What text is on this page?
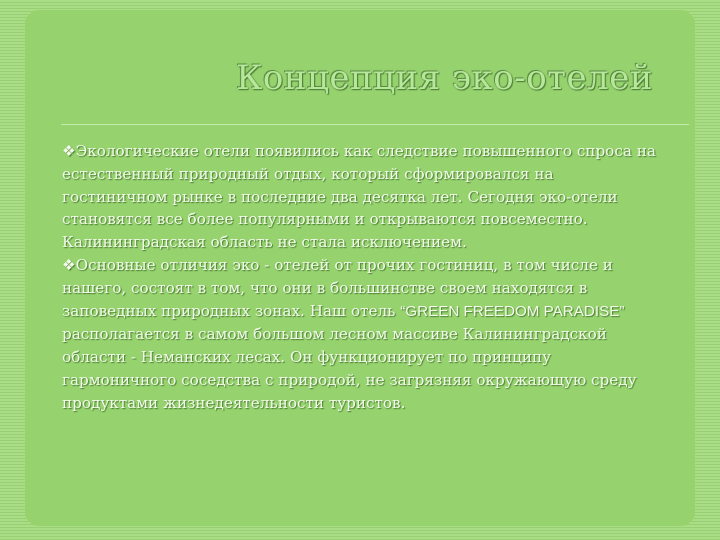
Концепция эко-отелей

❖Экологические отели появились как следствие повышенного спроса на естественный природный отдых, который сформировался на гостиничном рынке в последние два десятка лет. Сегодня эко-отели становятся все более популярными и открываются повсеместно. Калининградская область не стала исключением.

❖Основные отличия эко - отелей от прочих гостиниц, в том числе и нашего, состоят в том, что они в большинстве своем находятся в заповедных природных зонах. Наш отель “GREEN FREEDOM PARADISE” располагается в самом большом лесном массиве Калининградской области - Неманских лесах. Он функционирует по принципу гармоничного соседства с природой, не загрязняя окружающую среду продуктами жизнедеятельности туристов.
